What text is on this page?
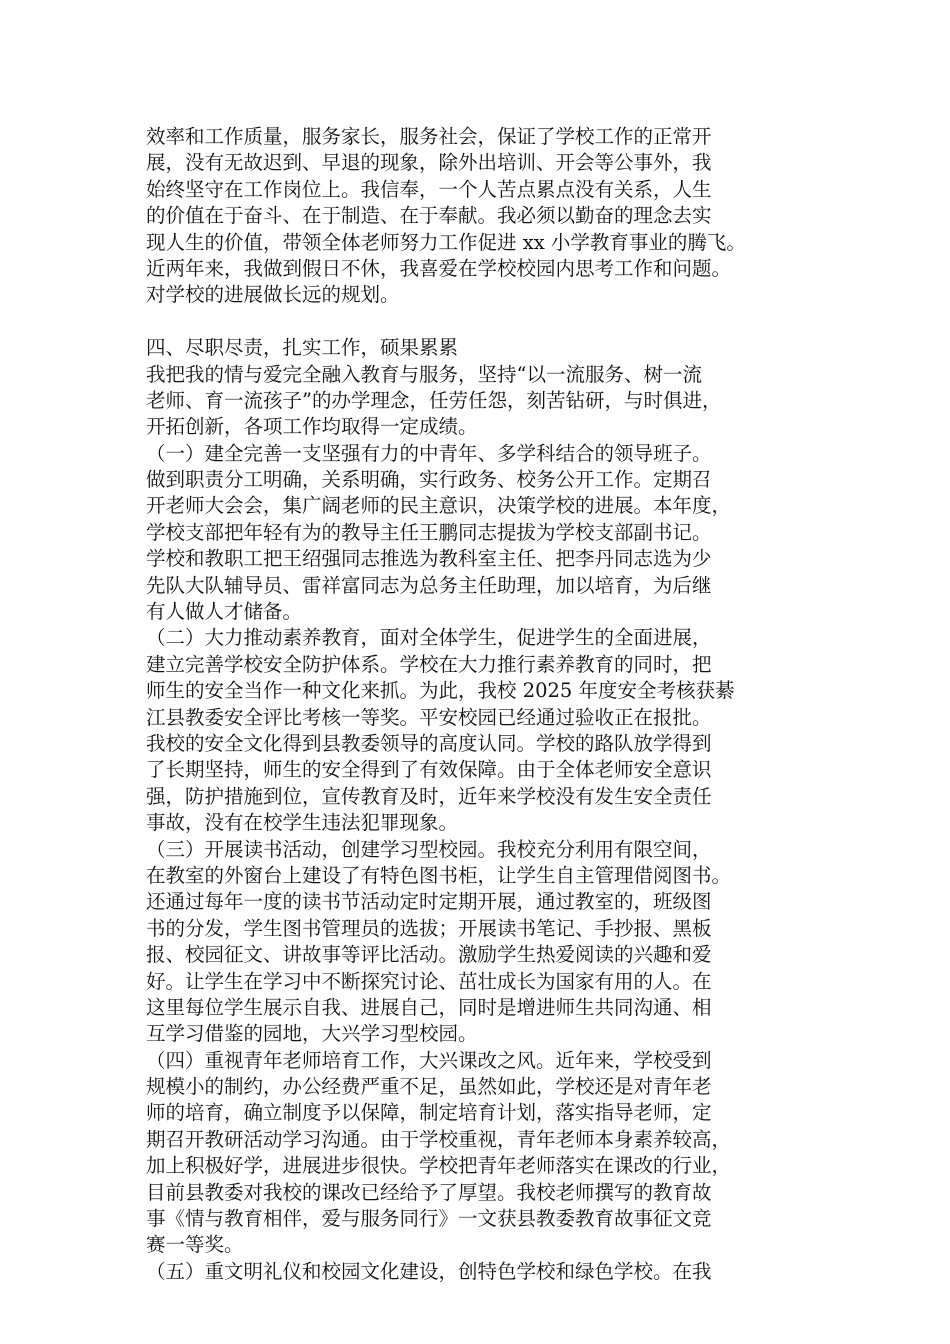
效率和工作质量，服务家长，服务社会，保证了学校工作的正常开
展，没有无故迟到、早退的现象，除外出培训、开会等公事外，我
始终坚守在工作岗位上。我信奉，一个人苦点累点没有关系，人生
的价值在于奋斗、在于制造、在于奉献。我必须以勤奋的理念去实
现人生的价值，带领全体老师努力工作促进 xx 小学教育事业的腾飞。
近两年来，我做到假日不休，我喜爱在学校校园内思考工作和问题。
对学校的进展做长远的规划。
四、尽职尽责，扎实工作，硕果累累
我把我的情与爱完全融入教育与服务，坚持“以一流服务、树一流
老师、育一流孩子”的办学理念，任劳任怨，刻苦钻研，与时俱进，
开拓创新，各项工作均取得一定成绩。
（一）建全完善一支坚强有力的中青年、多学科结合的领导班子。
做到职责分工明确，关系明确，实行政务、校务公开工作。定期召
开老师大会会，集广阔老师的民主意识，决策学校的进展。本年度，
学校支部把年轻有为的教导主任王鹏同志提拔为学校支部副书记。
学校和教职工把王绍强同志推选为教科室主任、把李丹同志选为少
先队大队辅导员、雷祥富同志为总务主任助理，加以培育，为后继
有人做人才储备。
（二）大力推动素养教育，面对全体学生，促进学生的全面进展，
建立完善学校安全防护体系。学校在大力推行素养教育的同时，把
师生的安全当作一种文化来抓。为此，我校 2025 年度安全考核获綦
江县教委安全评比考核一等奖。平安校园已经通过验收正在报批。
我校的安全文化得到县教委领导的高度认同。学校的路队放学得到
了长期坚持，师生的安全得到了有效保障。由于全体老师安全意识
强，防护措施到位，宣传教育及时，近年来学校没有发生安全责任
事故，没有在校学生违法犯罪现象。
（三）开展读书活动，创建学习型校园。我校充分利用有限空间，
在教室的外窗台上建设了有特色图书柜，让学生自主管理借阅图书。
还通过每年一度的读书节活动定时定期开展，通过教室的，班级图
书的分发，学生图书管理员的选拔；开展读书笔记、手抄报、黑板
报、校园征文、讲故事等评比活动。激励学生热爱阅读的兴趣和爱
好。让学生在学习中不断探究讨论、茁壮成长为国家有用的人。在
这里每位学生展示自我、进展自己，同时是增进师生共同沟通、相
互学习借鉴的园地，大兴学习型校园。
（四）重视青年老师培育工作，大兴课改之风。近年来，学校受到
规模小的制约，办公经费严重不足，虽然如此，学校还是对青年老
师的培育，确立制度予以保障，制定培育计划，落实指导老师，定
期召开教研活动学习沟通。由于学校重视，青年老师本身素养较高，
加上积极好学，进展进步很快。学校把青年老师落实在课改的行业，
目前县教委对我校的课改已经给予了厚望。我校老师撰写的教育故
事《情与教育相伴，爱与服务同行》一文获县教委教育故事征文竞
赛一等奖。
（五）重文明礼仪和校园文化建设，创特色学校和绿色学校。在我
